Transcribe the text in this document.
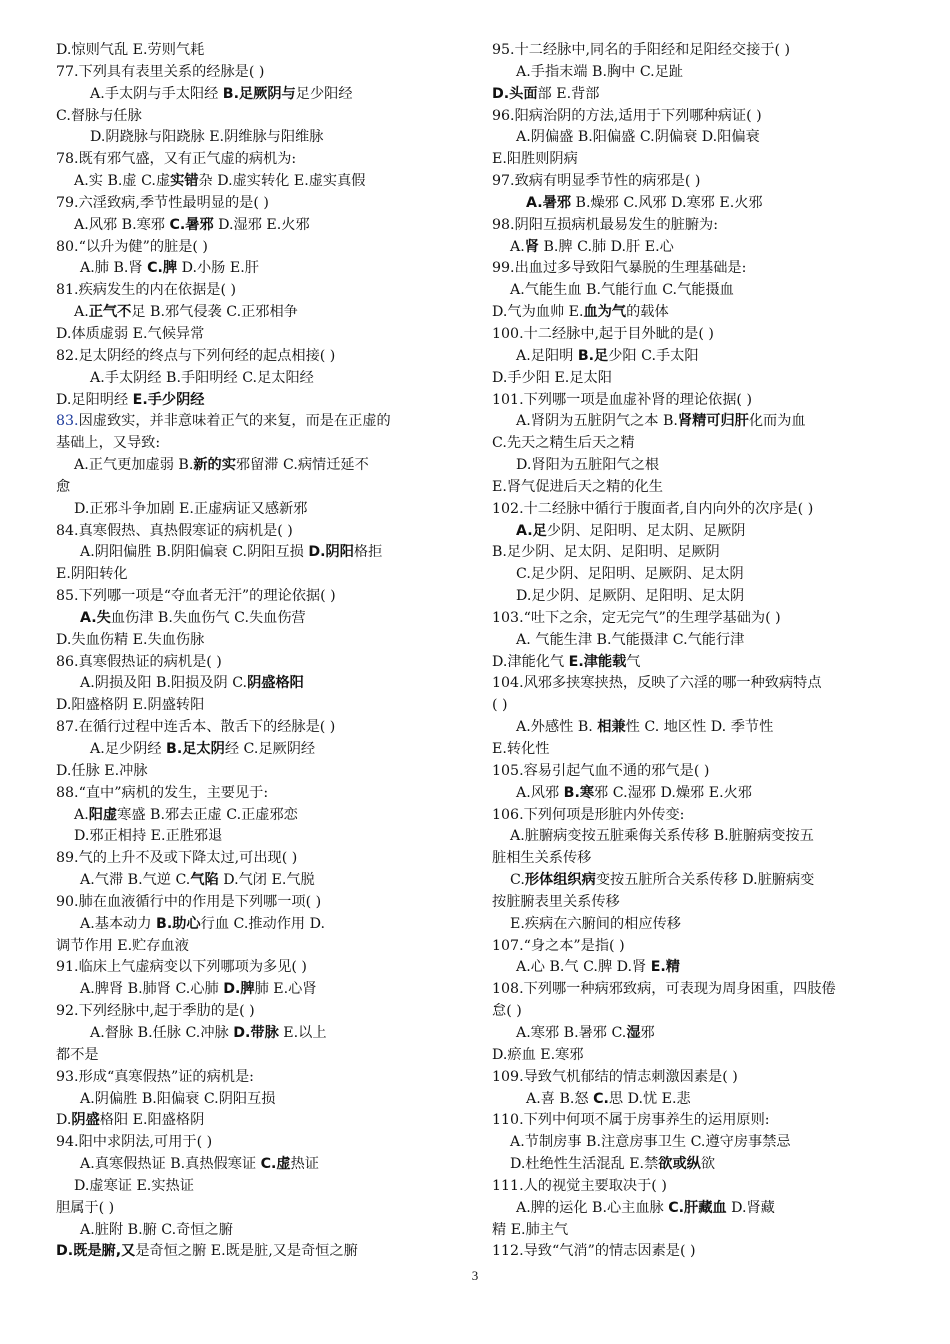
D.惊则气乱 E.劳则气耗
77.下列具有表里关系的经脉是( )
A.手太阴与手太阳经 B.足厥阴与足少阳经
C.督脉与任脉
D.阴跷脉与阳跷脉 E.阴维脉与阳维脉
78.既有邪气盛，又有正气虚的病机为:
A.实 B.虚 C.虚实错杂 D.虚实转化 E.虚实真假
79.六淫致病,季节性最明显的是( )
A.风邪 B.寒邪 C.暑邪 D.湿邪 E.火邪
80.“以升为健”的脏是( )
A.肺 B.肾 C.脾 D.小肠 E.肝
81.疾病发生的内在依据是( )
A.正气不足 B.邪气侵袭 C.正邪相争
D.体质虚弱 E.气候异常
82.足太阴经的终点与下列何经的起点相接( )
A.手太阴经 B.手阳明经 C.足太阳经
D.足阳明经 E.手少阴经
83.因虚致实，并非意味着正气的来复，而是在正虚的
基础上，又导致:
A.正气更加虚弱 B.新的实邪留滞 C.病情迁延不
愈
D.正邪斗争加剧 E.正虚病证又感新邪
84.真寒假热、真热假寒证的病机是( )
A.阴阳偏胜 B.阴阳偏衰 C.阴阳互损 D.阴阳格拒
E.阴阳转化
85.下列哪一项是“夺血者无汗”的理论依据( )
A.失血伤津 B.失血伤气 C.失血伤营
D.失血伤精 E.失血伤脉
86.真寒假热证的病机是( )
A.阴损及阳 B.阳损及阴 C.阴盛格阳
D.阳盛格阴 E.阴盛转阳
87.在循行过程中连舌本、散舌下的经脉是( )
A.足少阴经 B.足太阴经 C.足厥阴经
D.任脉 E.冲脉
88.“直中”病机的发生，主要见于:
A.阳虚寒盛 B.邪去正虚 C.正虚邪恋
D.邪正相持 E.正胜邪退
89.气的上升不及或下降太过,可出现( )
A.气滞 B.气逆 C.气陷 D.气闭 E.气脱
90.肺在血液循行中的作用是下列哪一项( )
A.基本动力 B.助心行血 C.推动作用 D.
调节作用 E.贮存血液
91.临床上气虚病变以下列哪项为多见( )
A.脾肾 B.肺肾 C.心肺 D.脾肺 E.心肾
92.下列经脉中,起于季肋的是( )
A.督脉 B.任脉 C.冲脉 D.带脉 E.以上
都不是
93.形成“真寒假热”证的病机是:
A.阴偏胜 B.阳偏衰 C.阴阳互损
D.阴盛格阳 E.阳盛格阴
94.阳中求阴法,可用于( )
A.真寒假热证 B.真热假寒证 C.虚热证
D.虚寒证 E.实热证
胆属于( )
A.脏附 B.腑 C.奇恒之腑
D.既是腑,又是奇恒之腑 E.既是脏,又是奇恒之腑
95.十二经脉中,同名的手阳经和足阳经交接于( )
A.手指末端 B.胸中 C.足趾
D.头面部 E.背部
96.阳病治阴的方法,适用于下列哪种病证( )
A.阴偏盛 B.阳偏盛 C.阴偏衰 D.阳偏衰
E.阳胜则阴病
97.致病有明显季节性的病邪是( )
A.暑邪 B.燥邪 C.风邪 D.寒邪 E.火邪
98.阴阳互损病机最易发生的脏腑为:
A.肾 B.脾 C.肺 D.肝 E.心
99.出血过多导致阳气暴脱的生理基础是:
A.气能生血 B.气能行血 C.气能摄血
D.气为血帅 E.血为气的载体
100.十二经脉中,起于目外眦的是( )
A.足阳明 B.足少阳 C.手太阳
D.手少阳 E.足太阳
101.下列哪一项是血虚补肾的理论依据( )
A.肾阴为五脏阴气之本 B.肾精可归肝化而为血
C.先天之精生后天之精
D.肾阳为五脏阳气之根
E.肾气促进后天之精的化生
102.十二经脉中循行于腹面者,自内向外的次序是( )
A.足少阴、足阳明、足太阴、足厥阴
B.足少阴、足太阴、足阳明、足厥阴
C.足少阴、足阳明、足厥阴、足太阴
D.足少阴、足厥阴、足阳明、足太阴
103.“吐下之余，定无完气”的生理学基础为( )
A. 气能生津 B.气能摄津 C.气能行津
D.津能化气 E.津能载气
104.风邪多挟寒挟热，反映了六淫的哪一种致病特点
( )
A.外感性 B. 相兼性 C. 地区性 D. 季节性
E.转化性
105.容易引起气血不通的邪气是( )
A.风邪 B.寒邪 C.湿邪 D.燥邪 E.火邪
106.下列何项是形脏内外传变:
A.脏腑病变按五脏乘侮关系传移 B.脏腑病变按五
脏相生关系传移
C.形体组织病变按五脏所合关系传移 D.脏腑病变
按脏腑表里关系传移
E.疾病在六腑间的相应传移
107.“身之本”是指( )
A.心 B.气 C.脾 D.肾 E.精
108.下列哪一种病邪致病，可表现为周身困重，四肢倦
怠( )
A.寒邪 B.暑邪 C.湿邪
D.瘀血 E.寒邪
109.导致气机郁结的情志刺激因素是( )
A.喜 B.怒 C.思 D.忧 E.悲
110.下列中何项不属于房事养生的运用原则:
A.节制房事 B.注意房事卫生 C.遵守房事禁忌
D.杜绝性生活混乱 E.禁欲或纵欲
111.人的视觉主要取决于( )
A.脾的运化 B.心主血脉 C.肝藏血 D.肾藏
精 E.肺主气
112.导致“气消”的情志因素是( )
3
